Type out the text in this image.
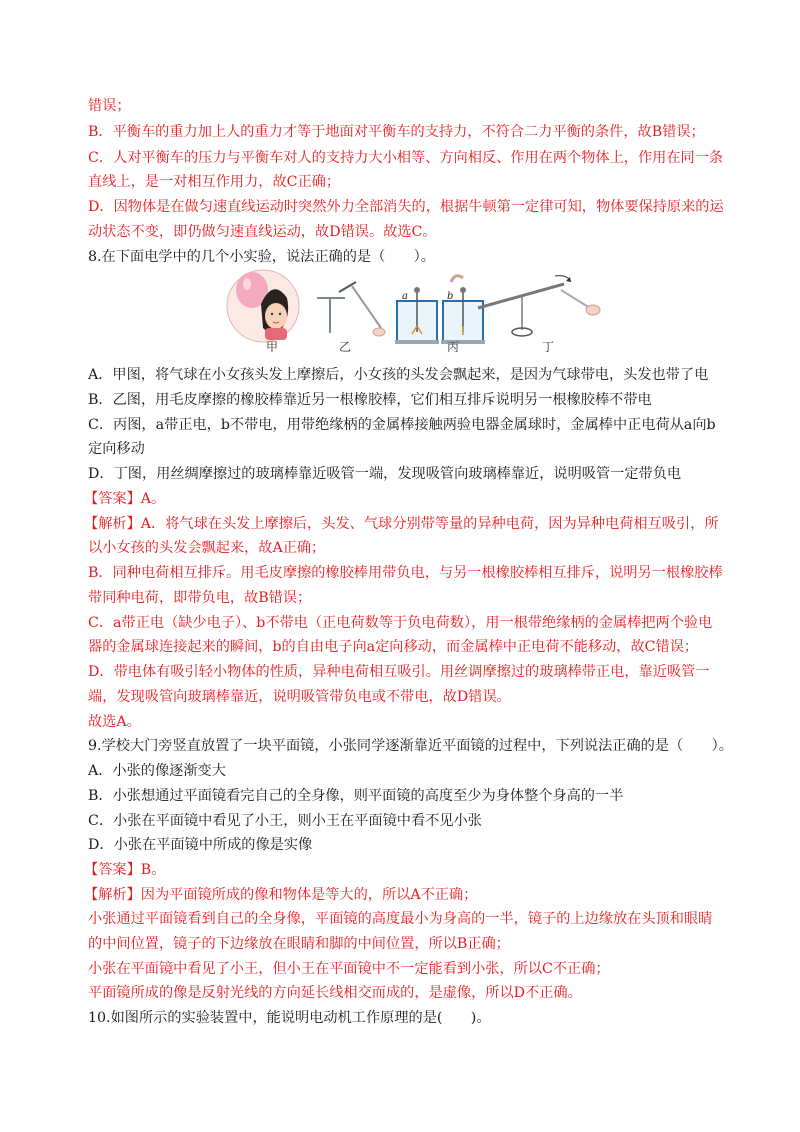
错误；
B．平衡车的重力加上人的重力才等于地面对平衡车的支持力，不符合二力平衡的条件，故B错误；
C．人对平衡车的压力与平衡车对人的支持力大小相等、方向相反、作用在两个物体上，作用在同一条
直线上，是一对相互作用力，故C正确；
D．因物体是在做匀速直线运动时突然外力全部消失的，根据牛顿第一定律可知，物体要保持原来的运
动状态不变，即仍做匀速直线运动，故D错误。故选C。
8.在下面电学中的几个小实验，说法正确的是（　　）。
a	b
甲	乙	丙	丁
A．甲图，将气球在小女孩头发上摩擦后，小女孩的头发会飘起来，是因为气球带电，头发也带了电
B．乙图，用毛皮摩擦的橡胶棒靠近另一根橡胶棒，它们相互排斥说明另一根橡胶棒不带电
C．丙图，a带正电，b不带电，用带绝缘柄的金属棒接触两验电器金属球时，金属棒中正电荷从a向b
定向移动
D．丁图，用丝绸摩擦过的玻璃棒靠近吸管一端，发现吸管向玻璃棒靠近，说明吸管一定带负电
【答案】A。
【解析】A．将气球在头发上摩擦后，头发、气球分别带等量的异种电荷，因为异种电荷相互吸引，所
以小女孩的头发会飘起来，故A正确；
B．同种电荷相互排斥。用毛皮摩擦的橡胶棒用带负电，与另一根橡胶棒相互排斥，说明另一根橡胶棒
带同种电荷，即带负电，故B错误；
C．a带正电（缺少电子）、b不带电（正电荷数等于负电荷数），用一根带绝缘柄的金属棒把两个验电
器的金属球连接起来的瞬间，b的自由电子向a定向移动，而金属棒中正电荷不能移动，故C错误；
D．带电体有吸引轻小物体的性质，异种电荷相互吸引。用丝调摩擦过的玻璃棒带正电，靠近吸管一
端，发现吸管向玻璃棒靠近，说明吸管带负电或不带电，故D错误。
故选A。
9.学校大门旁竖直放置了一块平面镜，小张同学逐渐靠近平面镜的过程中，下列说法正确的是（　　）。
A．小张的像逐渐变大
B．小张想通过平面镜看完自己的全身像，则平面镜的高度至少为身体整个身高的一半
C．小张在平面镜中看见了小王，则小王在平面镜中看不见小张
D．小张在平面镜中所成的像是实像
【答案】B。
【解析】因为平面镜所成的像和物体是等大的，所以A不正确；
小张通过平面镜看到自己的全身像，平面镜的高度最小为身高的一半，镜子的上边缘放在头顶和眼睛
的中间位置，镜子的下边缘放在眼睛和脚的中间位置，所以B正确；
小张在平面镜中看见了小王，但小王在平面镜中不一定能看到小张，所以C不正确；
平面镜所成的像是反射光线的方向延长线相交而成的，是虚像，所以D不正确。
10.如图所示的实验装置中，能说明电动机工作原理的是(　　)。
